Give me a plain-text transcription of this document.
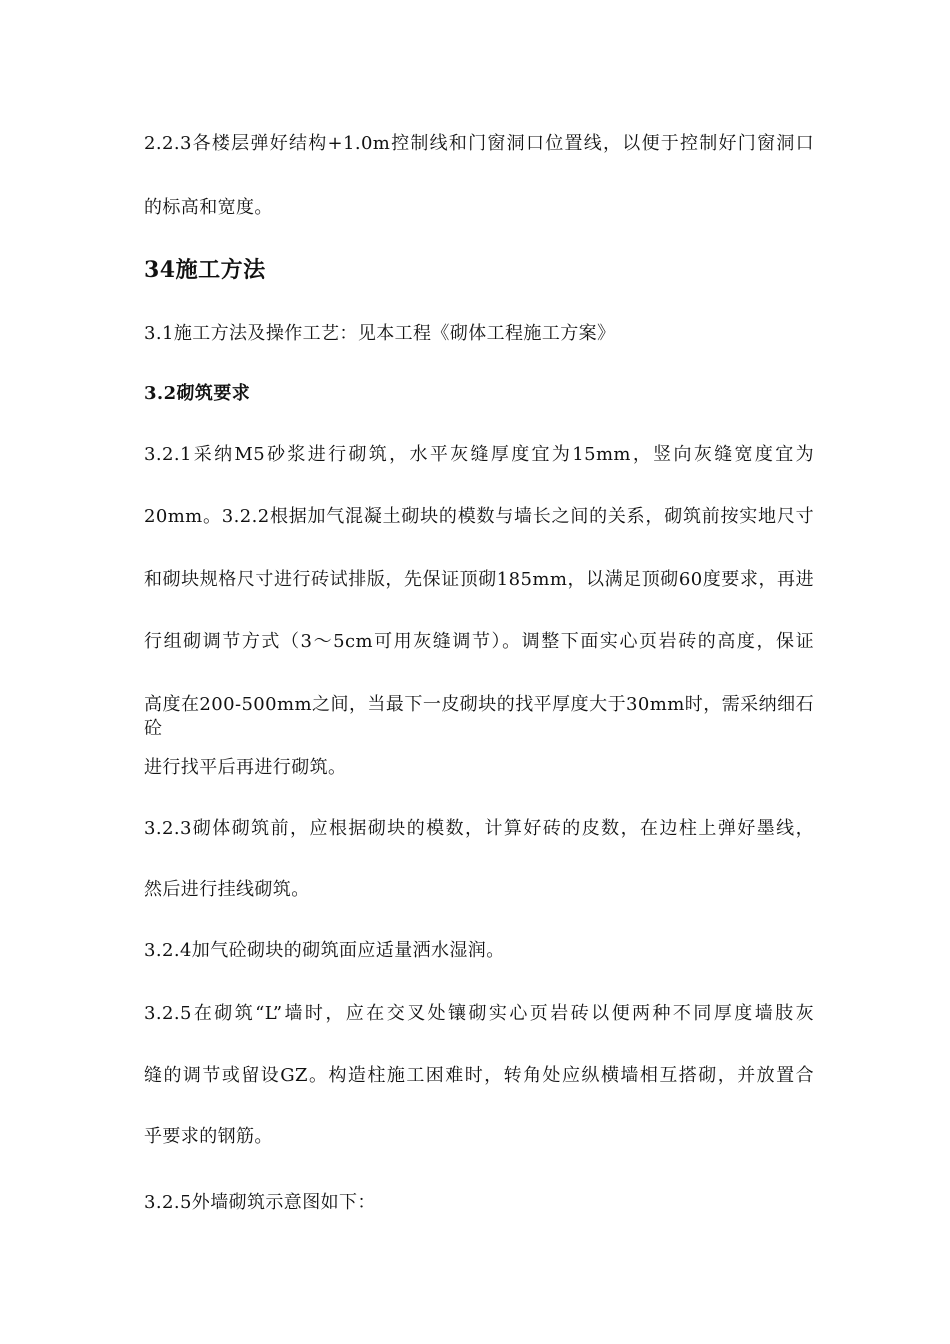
2.2.3各楼层弹好结构+1.0m控制线和门窗洞口位置线，以便于控制好门窗洞口
的标高和宽度。
34施工方法
3.1施工方法及操作工艺：见本工程《砌体工程施工方案》
3.2砌筑要求
3.2.1采纳M5砂浆进行砌筑，水平灰缝厚度宜为15mm，竖向灰缝宽度宜为
20mm。3.2.2根据加气混凝土砌块的模数与墙长之间的关系，砌筑前按实地尺寸
和砌块规格尺寸进行砖试排版，先保证顶砌185mm，以满足顶砌60度要求，再进
行组砌调节方式（3～5cm可用灰缝调节）。调整下面实心页岩砖的高度，保证
高度在200-500mm之间，当最下一皮砌块的找平厚度大于30mm时，需采纳细石砼
进行找平后再进行砌筑。
3.2.3砌体砌筑前，应根据砌块的模数，计算好砖的皮数，在边柱上弹好墨线，
然后进行挂线砌筑。
3.2.4加气砼砌块的砌筑面应适量洒水湿润。
3.2.5在砌筑“L”墙时，应在交叉处镶砌实心页岩砖以便两种不同厚度墙肢灰
缝的调节或留设GZ。构造柱施工困难时，转角处应纵横墙相互搭砌，并放置合
乎要求的钢筋。
3.2.5外墙砌筑示意图如下：
